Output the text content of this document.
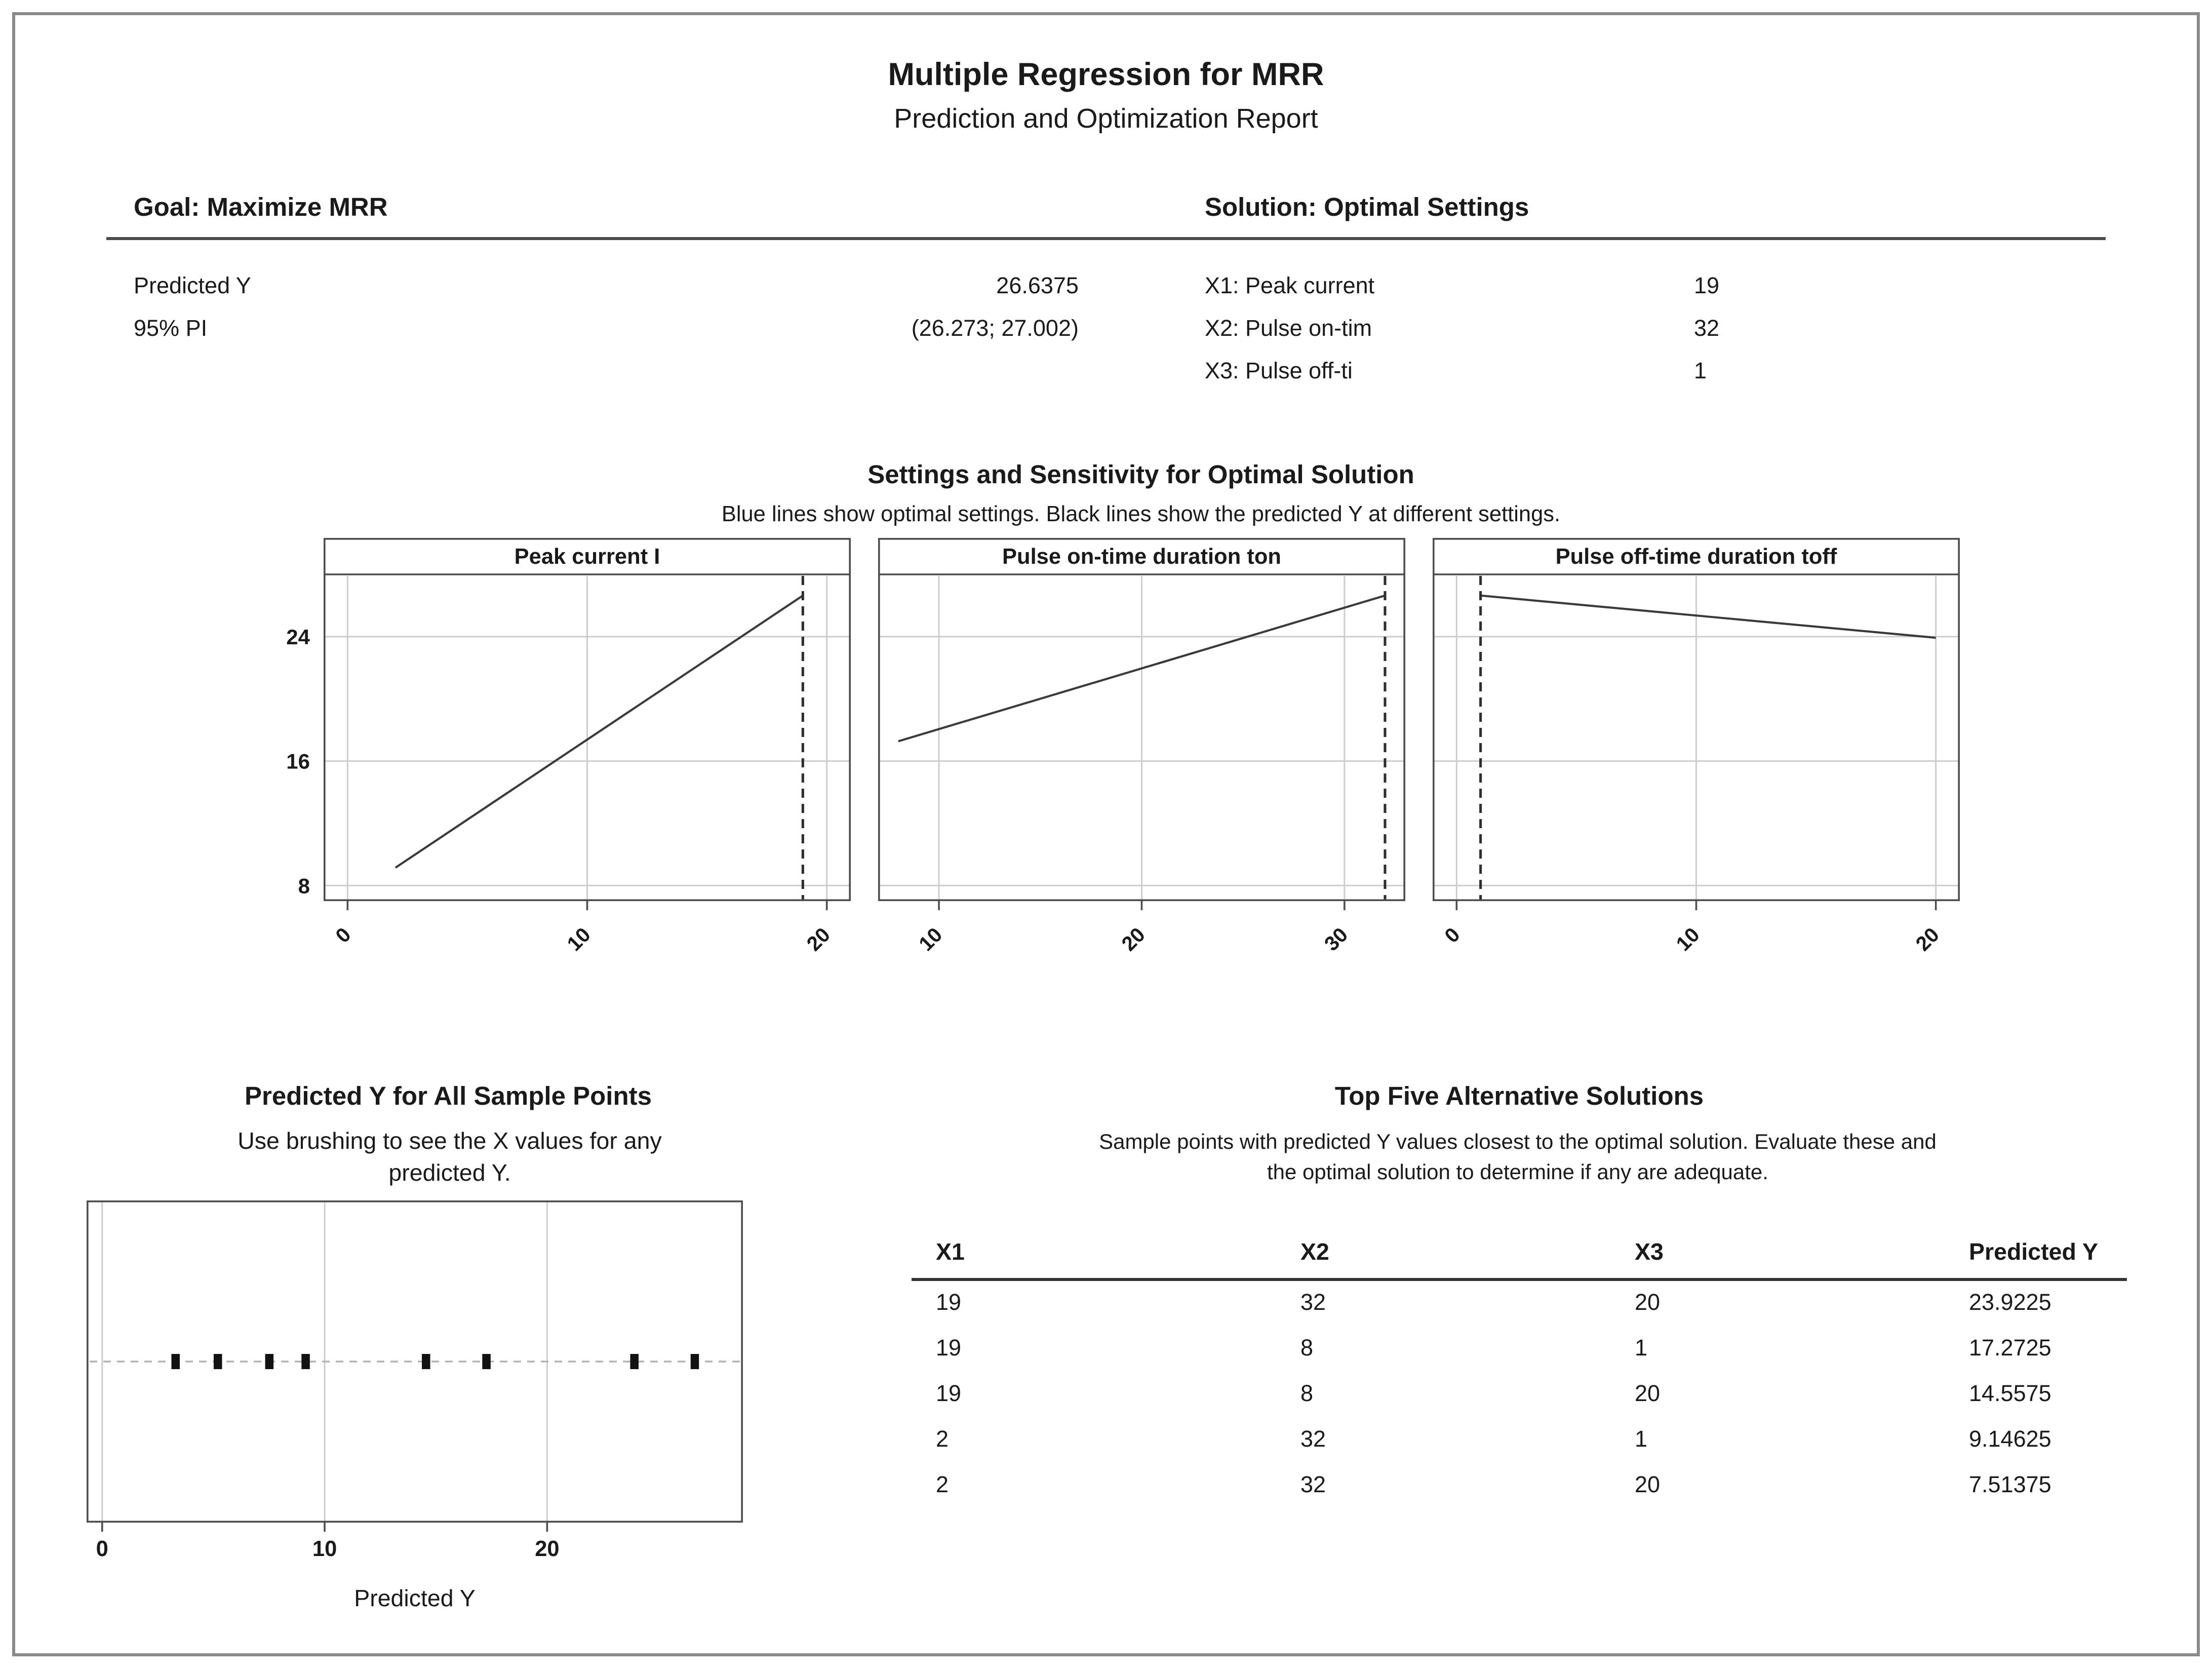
Multiple Regression for MRR
Prediction and Optimization Report
Goal: Maximize MRR	Solution: Optimal Settings
Predicted Y	26.6375
95% PI	(26.273; 27.002)
X1: Peak current	19
X2: Pulse on-tim	32
X3: Pulse off-ti	1
Settings and Sensitivity for Optimal Solution
Blue lines show optimal settings. Black lines show the predicted Y at different settings.
Peak current I
0	10	20
8
16
24
Pulse on-time duration ton
10	20	30
Pulse off-time duration toff
0	10	20
Predicted Y for All Sample Points
Use brushing to see the X values for any predicted Y.
0	10	20
Predicted Y
Top Five Alternative Solutions
Sample points with predicted Y values closest to the optimal solution. Evaluate these and the optimal solution to determine if any are adequate.
X1	X2	X3	Predicted Y
19	32	20	23.9225
19	8	1	17.2725
19	8	20	14.5575
2	32	1	9.14625
2	32	20	7.51375
